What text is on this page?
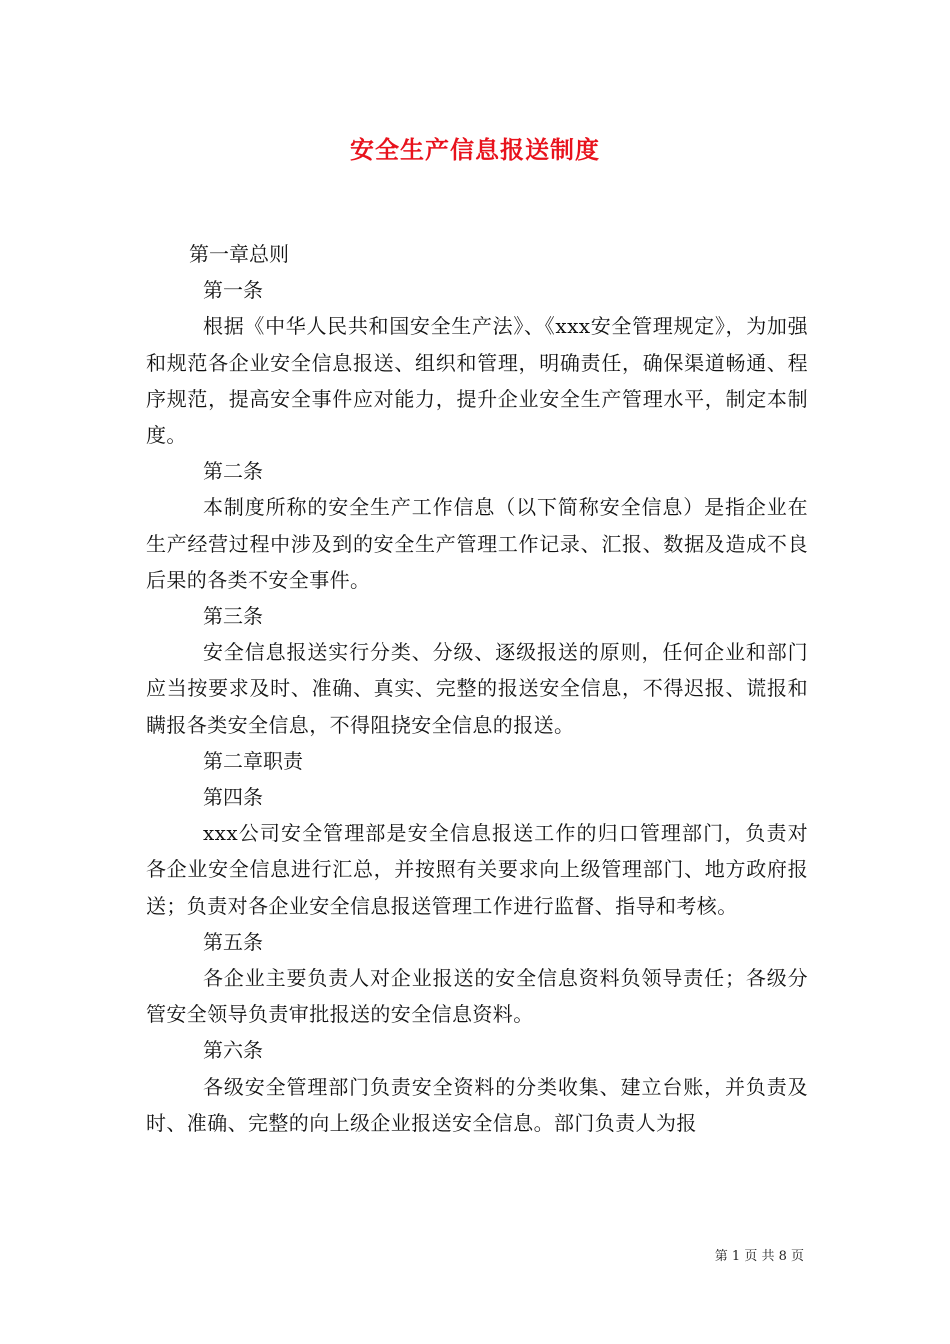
安全生产信息报送制度
第一章总则
第一条

根据《中华人民共和国安全生产法》、《xxx安全管理规定》，为加强和规范各企业安全信息报送、组织和管理，明确责任，确保渠道畅通、程序规范，提高安全事件应对能力，提升企业安全生产管理水平，制定本制度。

第二条

本制度所称的安全生产工作信息（以下简称安全信息）是指企业在生产经营过程中涉及到的安全生产管理工作记录、汇报、数据及造成不良后果的各类不安全事件。

第三条

安全信息报送实行分类、分级、逐级报送的原则，任何企业和部门应当按要求及时、准确、真实、完整的报送安全信息，不得迟报、谎报和瞒报各类安全信息，不得阻挠安全信息的报送。

第二章职责
第四条

xxx公司安全管理部是安全信息报送工作的归口管理部门，负责对各企业安全信息进行汇总，并按照有关要求向上级管理部门、地方政府报送；负责对各企业安全信息报送管理工作进行监督、指导和考核。

第五条

各企业主要负责人对企业报送的安全信息资料负领导责任；各级分管安全领导负责审批报送的安全信息资料。

第六条

各级安全管理部门负责安全资料的分类收集、建立台账，并负责及时、准确、完整的向上级企业报送安全信息。部门负责人为报

第 1 页 共 8 页
